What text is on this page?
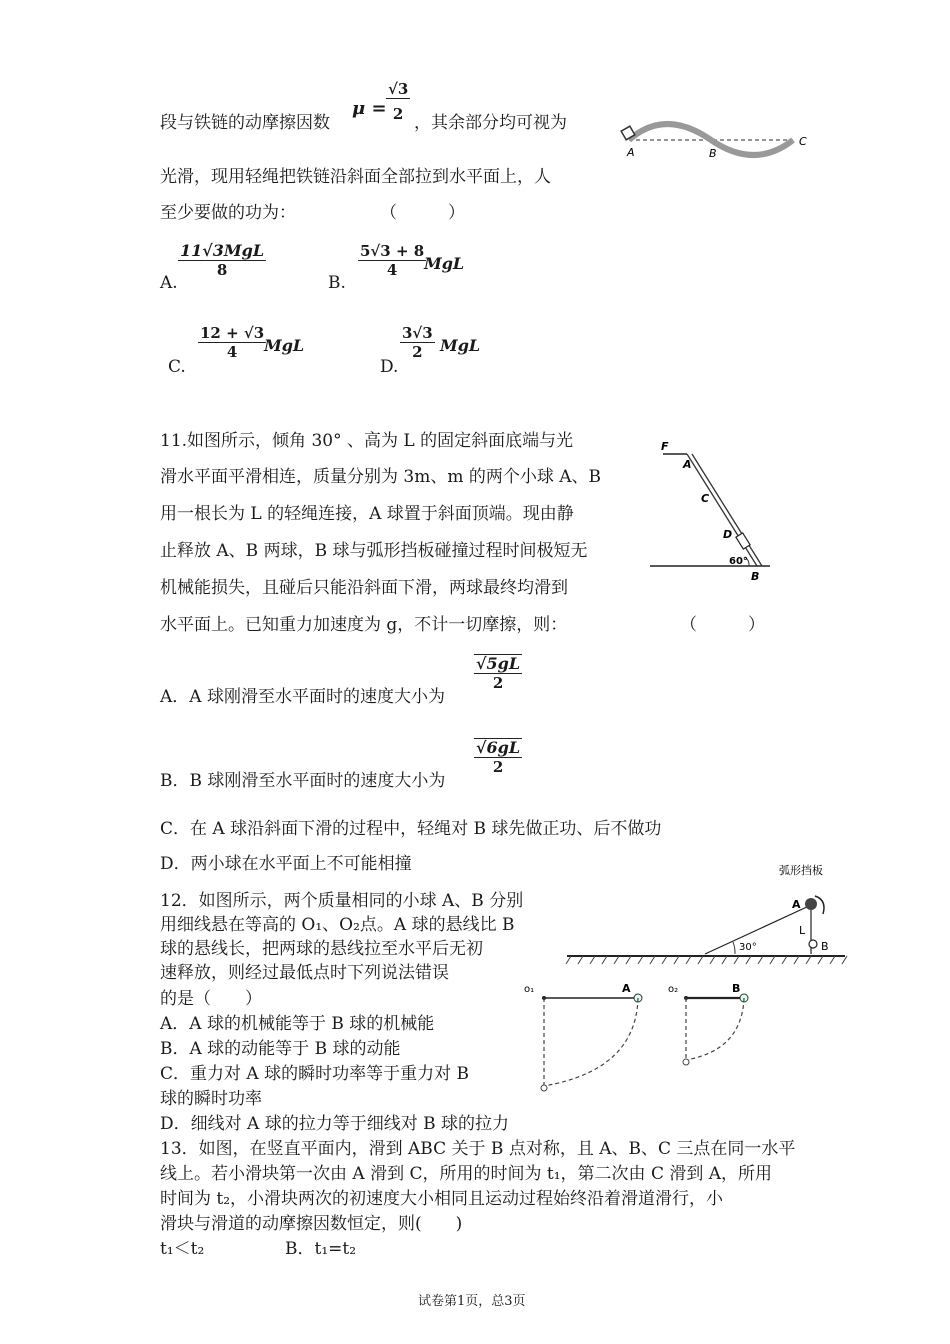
段与铁链的动摩擦因数
$\mu = \frac{√3}{2}$ ，其余部分均可视为
A	B
C
光滑，现用轻绳把铁链沿斜面全部拉到水平面上，人
至少要做的功为：	（　　　）
A.
11√3MgL
8
B.
$\frac{5√3 + 8}{4}$
MgL
C.
$\frac{12 + √3}{4}$
MgL
D.
$\frac{3√3}{2}$ MgL
11.如图所示，倾角 30° 、高为 L 的固定斜面底端与光
滑水平面平滑相连，质量分别为 3m、m 的两个小球 A、B
用一根长为 L 的轻绳连接，A 球置于斜面顶端。现由静
止释放 A、B 两球，B 球与弧形挡板碰撞过程时间极短无
机械能损失，且碰后只能沿斜面下滑，两球最终均滑到
水平面上。已知重力加速度为 g，不计一切摩擦，则：	（　　　）
F
A
C
D
60°
B
A．A 球刚滑至水平面时的速度大小为
$\frac{√5gL}{2}$
B．B 球刚滑至水平面时的速度大小为
$\frac{√6gL}{2}$
C．在 A 球沿斜面下滑的过程中，轻绳对 B 球先做正功、后不做功
D．两小球在水平面上不可能相撞
12．如图所示，两个质量相同的小球 A、B 分别
用细线悬在等高的 O₁、O₂点。A 球的悬线比 B
球的悬线长，把两球的悬线拉至水平后无初
速释放，则经过最低点时下列说法错误
的是（　　）
A．A 球的机械能等于 B 球的机械能
B．A 球的动能等于 B 球的动能
C．重力对 A 球的瞬时功率等于重力对 B
球的瞬时功率
D．细线对 A 球的拉力等于细线对 B 球的拉力
弧形挡板
30°
A
L
B
o₁	A	o₂	B
13．如图，在竖直平面内，滑到 ABC 关于 B 点对称，且 A、B、C 三点在同一水平
线上。若小滑块第一次由 A 滑到 C，所用的时间为 t₁，第二次由 C 滑到 A，所用
时间为 t₂，小滑块两次的初速度大小相同且运动过程始终沿着滑道滑行，小
滑块与滑道的动摩擦因数恒定，则(　　)
t₁＜t₂	B．t₁=t₂
试卷第1页，总3页
